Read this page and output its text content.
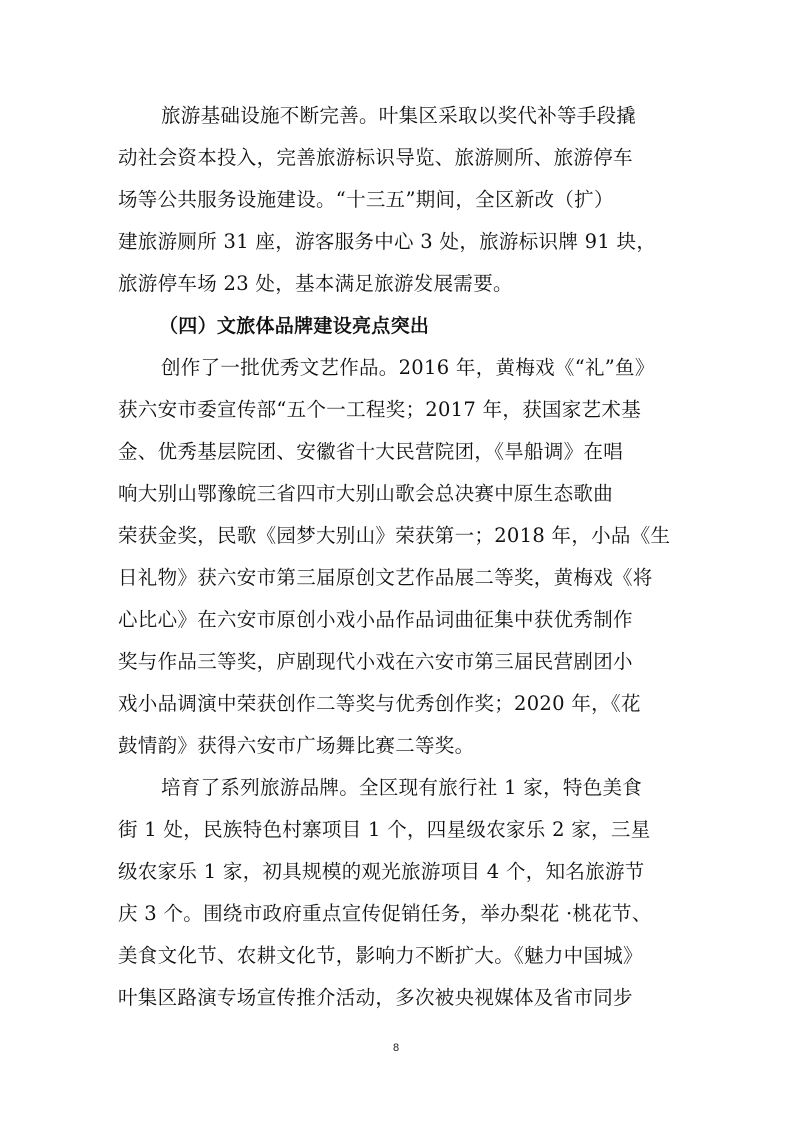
旅游基础设施不断完善。叶集区采取以奖代补等手段撬

动社会资本投入，完善旅游标识导览、旅游厕所、旅游停车

场等公共服务设施建设。“十三五”期间，全区新改（扩）

建旅游厕所 31 座，游客服务中心 3 处，旅游标识牌 91 块，

旅游停车场 23 处，基本满足旅游发展需要。

（四）文旅体品牌建设亮点突出

创作了一批优秀文艺作品。2016 年，黄梅戏《“礼”鱼》

获六安市委宣传部“五个一工程奖；2017 年，获国家艺术基

金、优秀基层院团、安徽省十大民营院团，《旱船调》在唱

响大别山鄂豫皖三省四市大别山歌会总决赛中原生态歌曲

荣获金奖，民歌《园梦大别山》荣获第一；2018 年，小品《生

日礼物》获六安市第三届原创文艺作品展二等奖，黄梅戏《将

心比心》在六安市原创小戏小品作品词曲征集中获优秀制作

奖与作品三等奖，庐剧现代小戏在六安市第三届民营剧团小

戏小品调演中荣获创作二等奖与优秀创作奖；2020 年，《花

鼓情韵》获得六安市广场舞比赛二等奖。

培育了系列旅游品牌。全区现有旅行社 1 家，特色美食

街 1 处，民族特色村寨项目 1 个，四星级农家乐 2 家，三星

级农家乐 1 家，初具规模的观光旅游项目 4 个，知名旅游节

庆 3 个。围绕市政府重点宣传促销任务，举办梨花 ·桃花节、

美食文化节、农耕文化节，影响力不断扩大。《魅力中国城》

叶集区路演专场宣传推介活动，多次被央视媒体及省市同步

8
